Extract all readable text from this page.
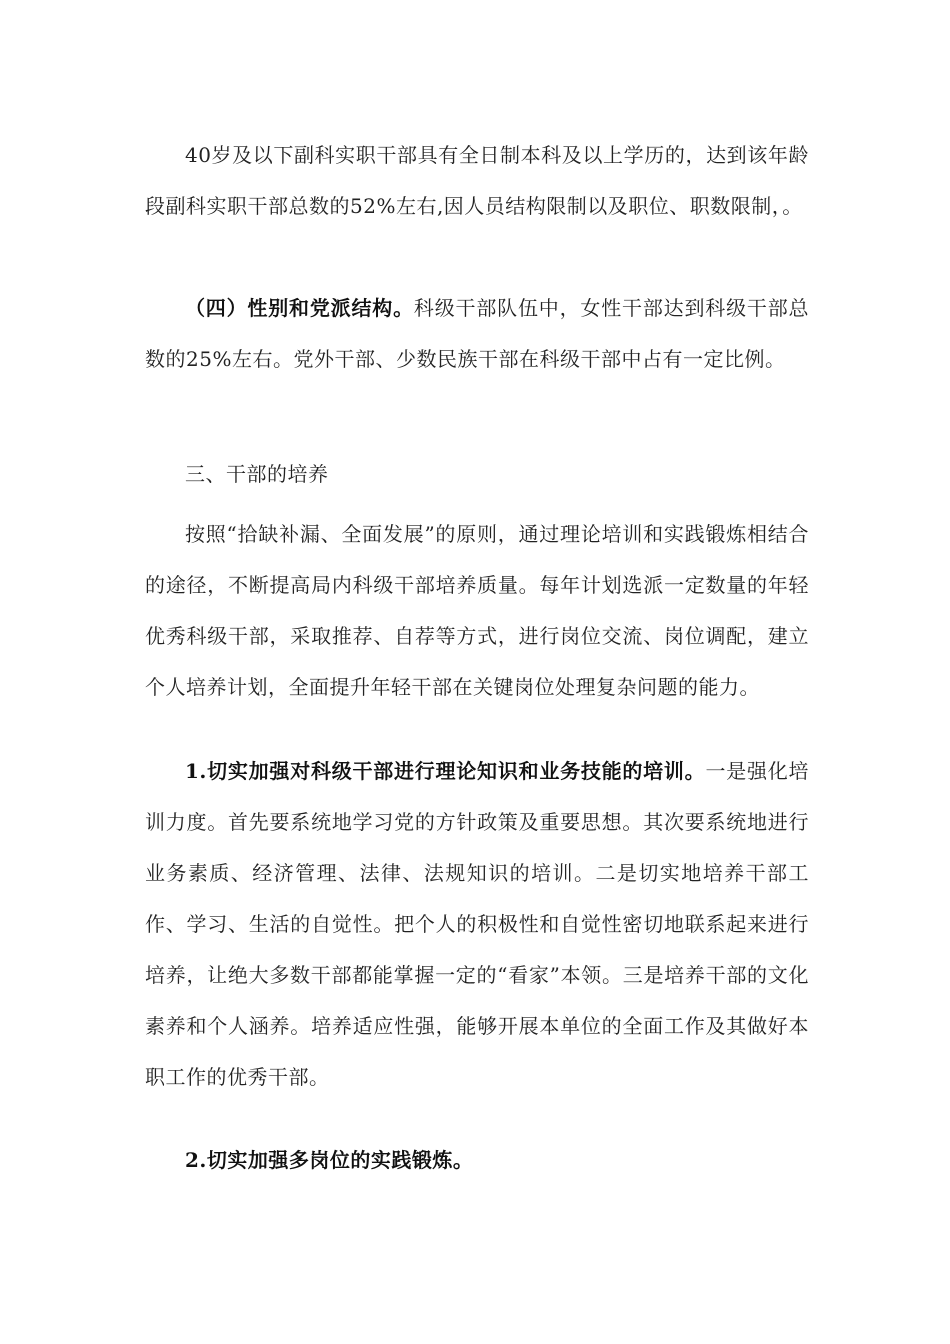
40岁及以下副科实职干部具有全日制本科及以上学历的，达到该年龄段副科实职干部总数的52%左右,因人员结构限制以及职位、职数限制，。

（四）性别和党派结构。科级干部队伍中，女性干部达到科级干部总数的25%左右。党外干部、少数民族干部在科级干部中占有一定比例。

三、干部的培养

按照“拾缺补漏、全面发展”的原则，通过理论培训和实践锻炼相结合的途径，不断提高局内科级干部培养质量。每年计划选派一定数量的年轻优秀科级干部，采取推荐、自荐等方式，进行岗位交流、岗位调配，建立个人培养计划，全面提升年轻干部在关键岗位处理复杂问题的能力。

1.切实加强对科级干部进行理论知识和业务技能的培训。一是强化培训力度。首先要系统地学习党的方针政策及重要思想。其次要系统地进行业务素质、经济管理、法律、法规知识的培训。二是切实地培养干部工作、学习、生活的自觉性。把个人的积极性和自觉性密切地联系起来进行培养，让绝大多数干部都能掌握一定的“看家”本领。三是培养干部的文化素养和个人涵养。培养适应性强，能够开展本单位的全面工作及其做好本职工作的优秀干部。

2.切实加强多岗位的实践锻炼。
